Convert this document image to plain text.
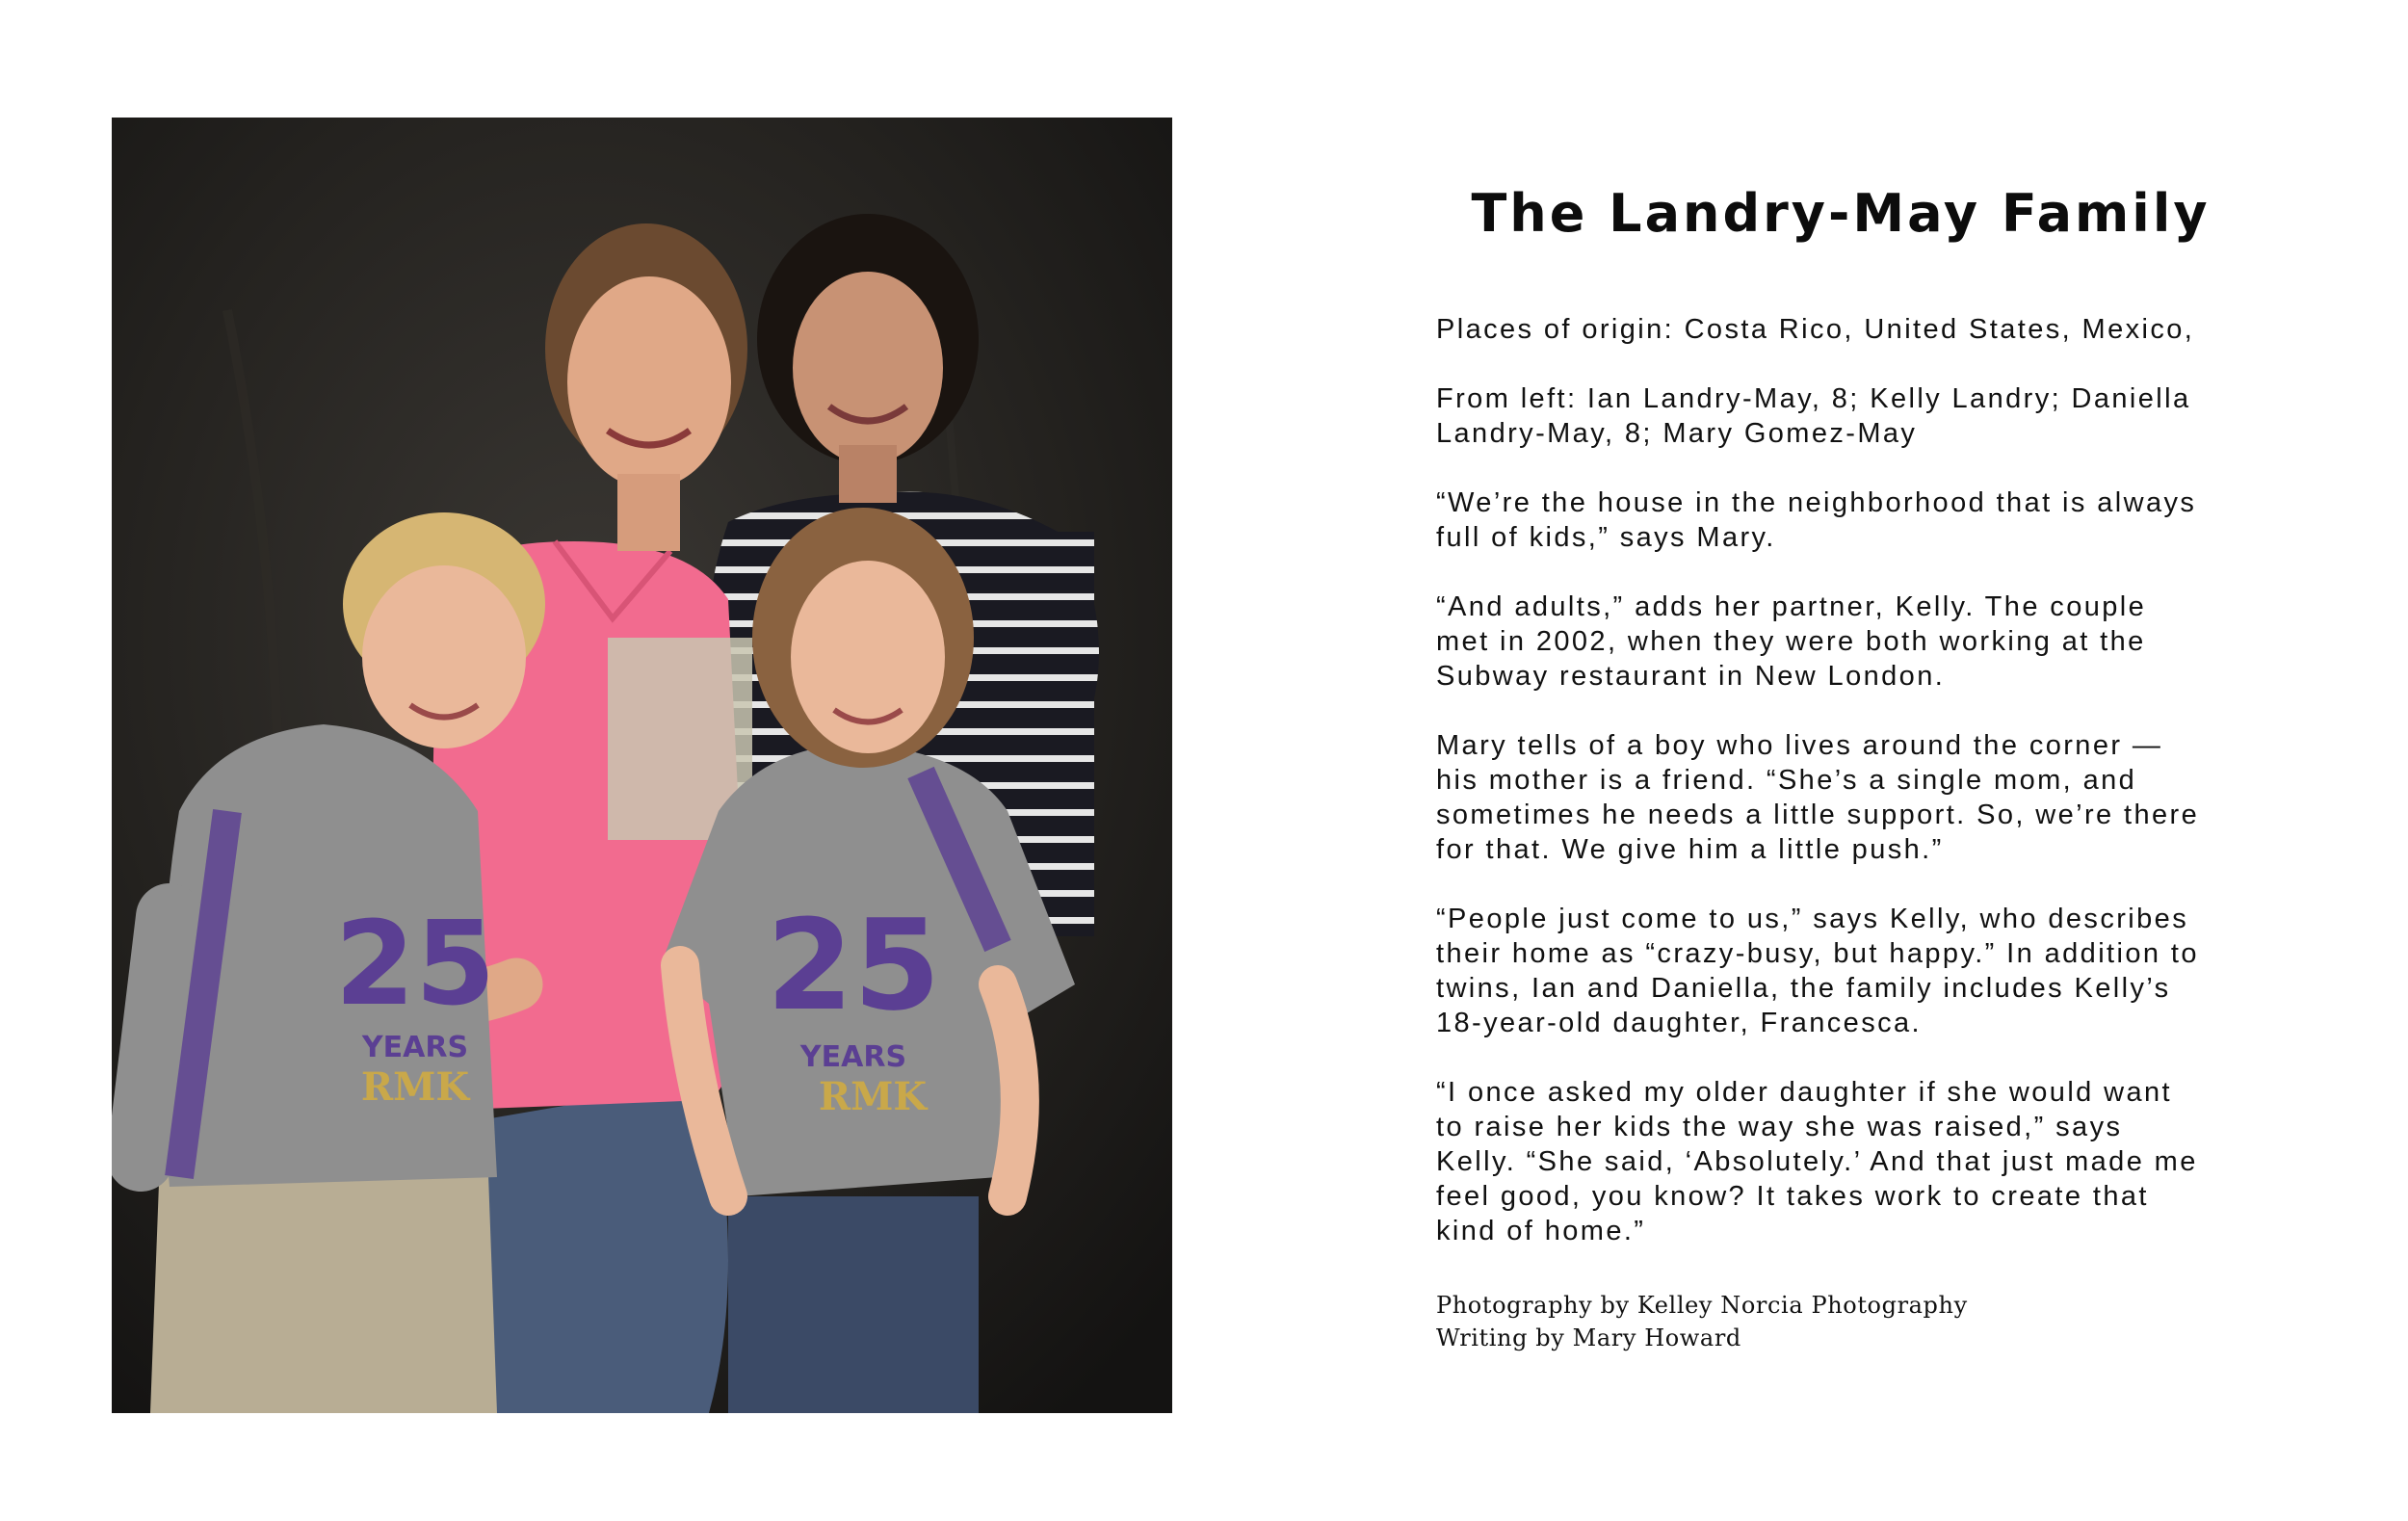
25
YEARS
RMK
25
YEARS
RMK
The Landry-May Family

Places of origin: Costa Rico, United States, Mexico,

From left: Ian Landry-May, 8; Kelly Landry; Daniella
Landry-May, 8; Mary Gomez-May

“We’re the house in the neighborhood that is always
full of kids,” says Mary.

“And adults,” adds her partner, Kelly. The couple
met in 2002, when they were both working at the
Subway restaurant in New London.

Mary tells of a boy who lives around the corner —
his mother is a friend. “She’s a single mom, and
sometimes he needs a little support. So, we’re there
for that. We give him a little push.”

“People just come to us,” says Kelly, who describes
their home as “crazy-busy, but happy.” In addition to
twins, Ian and Daniella, the family includes Kelly’s
18-year-old daughter, Francesca.

“I once asked my older daughter if she would want
to raise her kids the way she was raised,” says
Kelly. “She said, ‘Absolutely.’ And that just made me
feel good, you know? It takes work to create that
kind of home.”

Photography by Kelley Norcia Photography
Writing by Mary Howard
